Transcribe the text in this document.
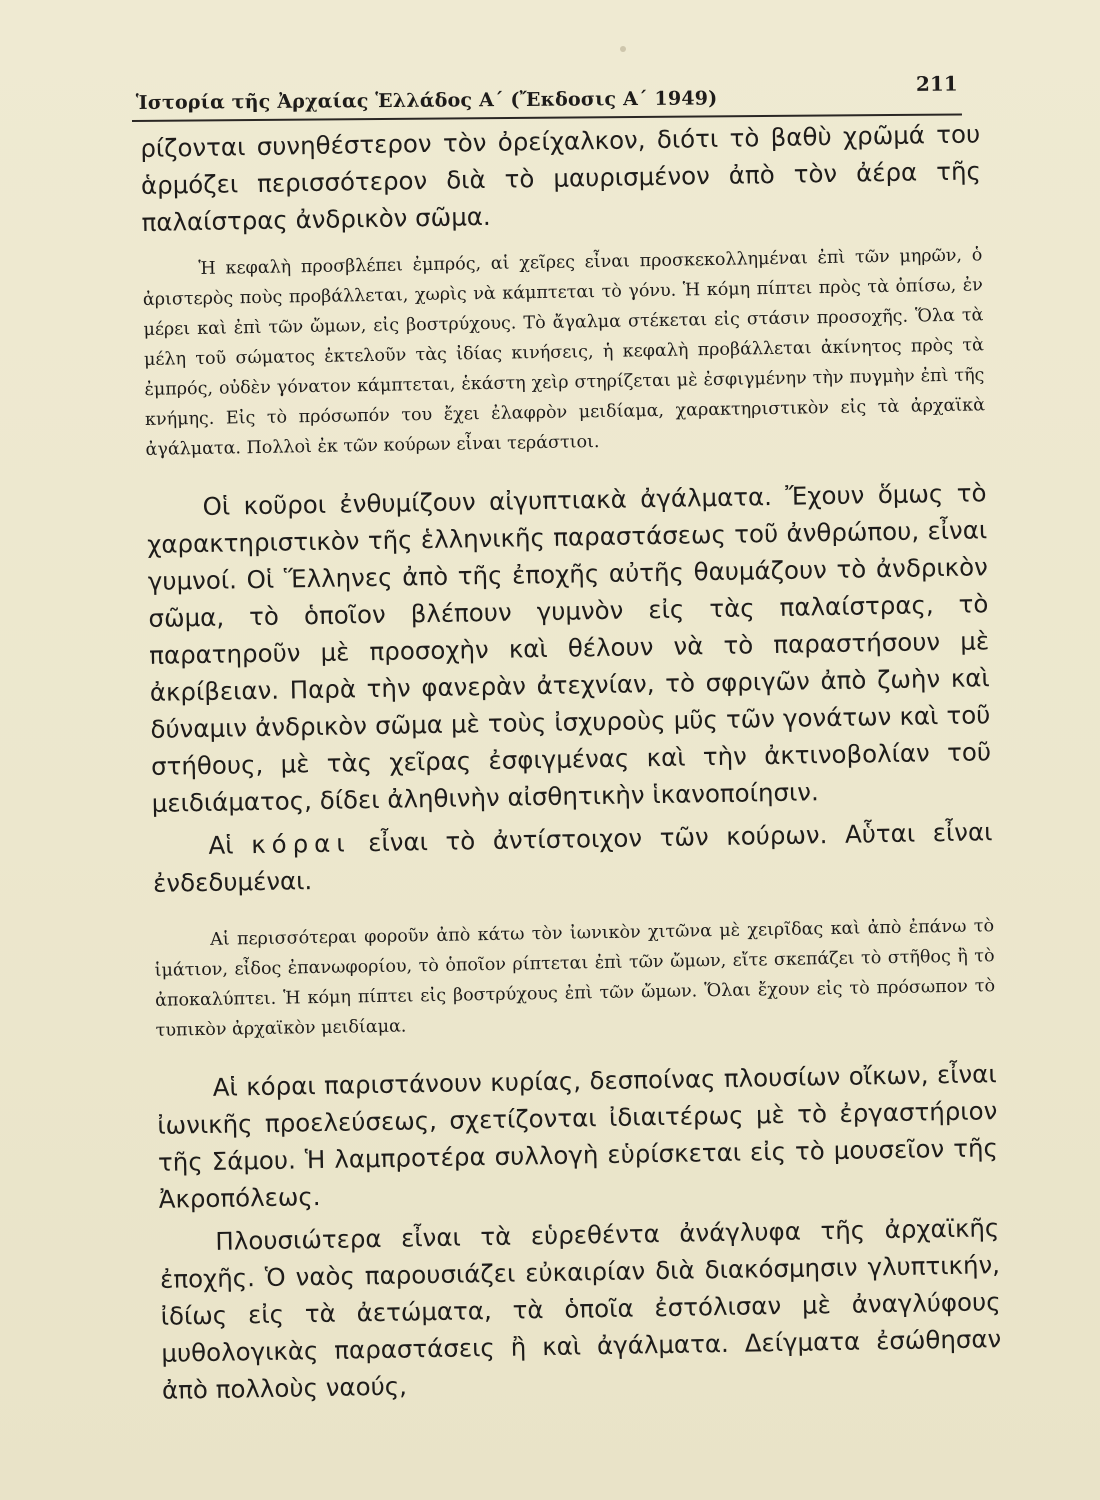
Ἱστορία τῆς Ἀρχαίας Ἑλλάδος Α΄ (Ἔκδοσις Α΄ 1949)
211

ρίζονται συνηθέστερον τὸν ὀρείχαλκον, διότι τὸ βαθὺ χρῶμά του ἁρμόζει περισσότερον διὰ τὸ μαυρισμένον ἀπὸ τὸν ἀέρα τῆς παλαίστρας ἀνδρικὸν σῶμα.

Ἡ κεφαλὴ προσβλέπει ἐμπρός, αἱ χεῖρες εἶναι προσκεκολλημέναι ἐπὶ τῶν μηρῶν, ὁ ἀριστερὸς ποὺς προβάλλεται, χωρὶς νὰ κάμπτεται τὸ γόνυ. Ἡ κόμη πίπτει πρὸς τὰ ὀπίσω, ἐν μέρει καὶ ἐπὶ τῶν ὤμων, εἰς βοστρύχους. Τὸ ἄγαλμα στέκεται εἰς στάσιν προσοχῆς. Ὅλα τὰ μέλη τοῦ σώματος ἐκτελοῦν τὰς ἰδίας κινήσεις, ἡ κεφαλὴ προβάλλεται ἀκίνητος πρὸς τὰ ἐμπρός, οὐδὲν γόνατον κάμπτεται, ἑκάστη χεὶρ στηρίζεται μὲ ἐσφιγμένην τὴν πυγμὴν ἐπὶ τῆς κνήμης. Εἰς τὸ πρόσωπόν του ἔχει ἐλαφρὸν μειδίαμα, χαρακτηριστικὸν εἰς τὰ ἀρχαϊκὰ ἀγάλματα. Πολλοὶ ἐκ τῶν κούρων εἶναι τεράστιοι.

Οἱ κοῦροι ἐνθυμίζουν αἰγυπτιακὰ ἀγάλματα. Ἔχουν ὅμως τὸ χαρακτηριστικὸν τῆς ἑλληνικῆς παραστάσεως τοῦ ἀνθρώπου, εἶναι γυμνοί. Οἱ Ἕλληνες ἀπὸ τῆς ἐποχῆς αὐτῆς θαυμάζουν τὸ ἀνδρικὸν σῶμα, τὸ ὁποῖον βλέπουν γυμνὸν εἰς τὰς παλαίστρας, τὸ παρατηροῦν μὲ προσοχὴν καὶ θέλουν νὰ τὸ παραστήσουν μὲ ἀκρίβειαν. Παρὰ τὴν φανερὰν ἀτεχνίαν, τὸ σφριγῶν ἀπὸ ζωὴν καὶ δύναμιν ἀνδρικὸν σῶμα μὲ τοὺς ἰσχυροὺς μῦς τῶν γονάτων καὶ τοῦ στήθους, μὲ τὰς χεῖρας ἐσφιγμένας καὶ τὴν ἀκτινοβολίαν τοῦ μειδιάματος, δίδει ἀληθινὴν αἰσθητικὴν ἱκανοποίησιν.

Αἱ κόραι εἶναι τὸ ἀντίστοιχον τῶν κούρων. Αὗται εἶναι ἐνδεδυμέναι.

Αἱ περισσότεραι φοροῦν ἀπὸ κάτω τὸν ἰωνικὸν χιτῶνα μὲ χειρῖδας καὶ ἀπὸ ἐπάνω τὸ ἱμάτιον, εἶδος ἐπανωφορίου, τὸ ὁποῖον ρίπτεται ἐπὶ τῶν ὤμων, εἴτε σκεπάζει τὸ στῆθος ἢ τὸ ἀποκαλύπτει. Ἡ κόμη πίπτει εἰς βοστρύχους ἐπὶ τῶν ὤμων. Ὅλαι ἔχουν εἰς τὸ πρόσωπον τὸ τυπικὸν ἀρχαϊκὸν μειδίαμα.

Αἱ κόραι παριστάνουν κυρίας, δεσποίνας πλουσίων οἴκων, εἶναι ἰωνικῆς προελεύσεως, σχετίζονται ἰδιαιτέρως μὲ τὸ ἐργαστήριον τῆς Σάμου. Ἡ λαμπροτέρα συλλογὴ εὑρίσκεται εἰς τὸ μουσεῖον τῆς Ἀκροπόλεως.

Πλουσιώτερα εἶναι τὰ εὑρεθέντα ἀνάγλυφα τῆς ἀρχαϊκῆς ἐποχῆς. Ὁ ναὸς παρουσιάζει εὐκαιρίαν διὰ διακόσμησιν γλυπτικήν, ἰδίως εἰς τὰ ἀετώματα, τὰ ὁποῖα ἐστόλισαν μὲ ἀναγλύφους μυθολογικὰς παραστάσεις ἢ καὶ ἀγάλματα. Δείγματα ἐσώθησαν ἀπὸ πολλοὺς ναούς,
